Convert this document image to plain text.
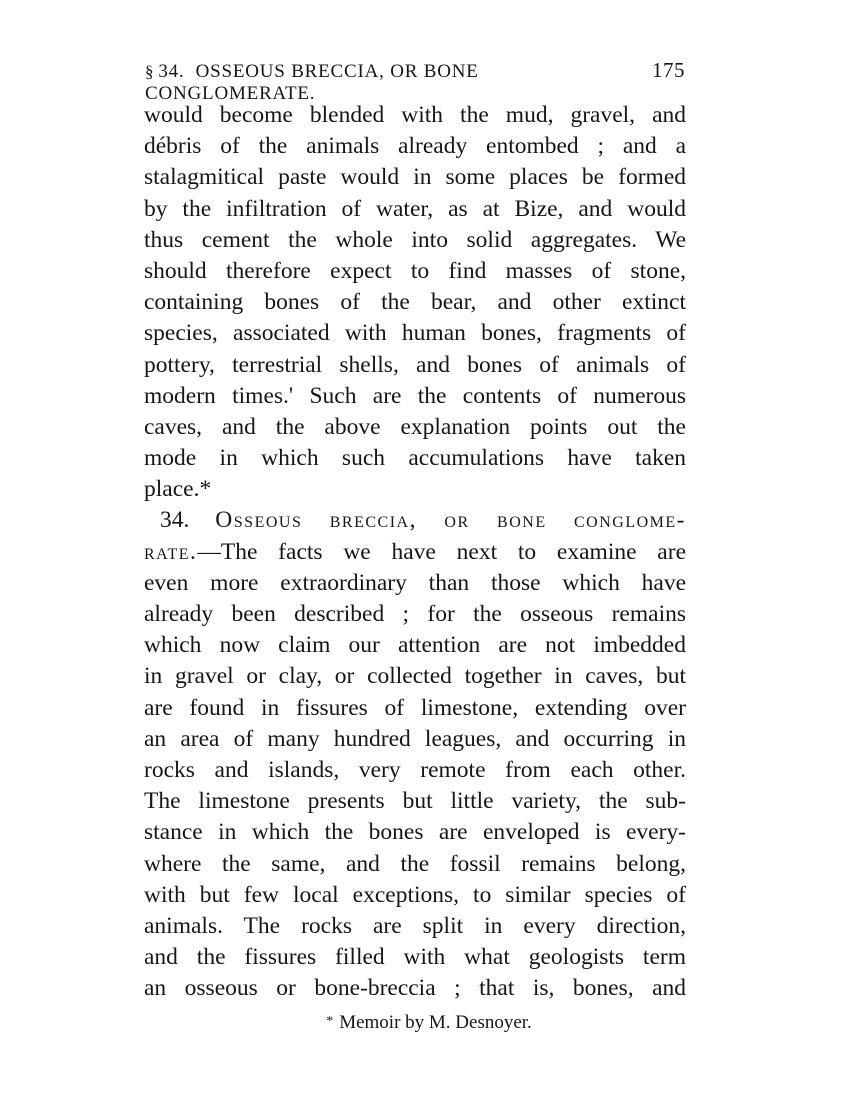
§ 34. OSSEOUS BRECCIA, OR BONE CONGLOMERATE.
175
would become blended with the mud, gravel, and
débris of the animals already entombed ; and a
stalagmitical paste would in some places be formed
by the infiltration of water, as at Bize, and would
thus cement the whole into solid aggregates. We
should therefore expect to find masses of stone,
containing bones of the bear, and other extinct
species, associated with human bones, fragments of
pottery, terrestrial shells, and bones of animals of
modern times.' Such are the contents of numerous
caves, and the above explanation points out the
mode in which such accumulations have taken
place.*
34. Osseous breccia, or bone conglome-
rate.—The facts we have next to examine are
even more extraordinary than those which have
already been described ; for the osseous remains
which now claim our attention are not imbedded
in gravel or clay, or collected together in caves, but
are found in fissures of limestone, extending over
an area of many hundred leagues, and occurring in
rocks and islands, very remote from each other.
The limestone presents but little variety, the sub-
stance in which the bones are enveloped is every-
where the same, and the fossil remains belong,
with but few local exceptions, to similar species of
animals. The rocks are split in every direction,
and the fissures filled with what geologists term
an osseous or bone-breccia ; that is, bones, and
* Memoir by M. Desnoyer.
